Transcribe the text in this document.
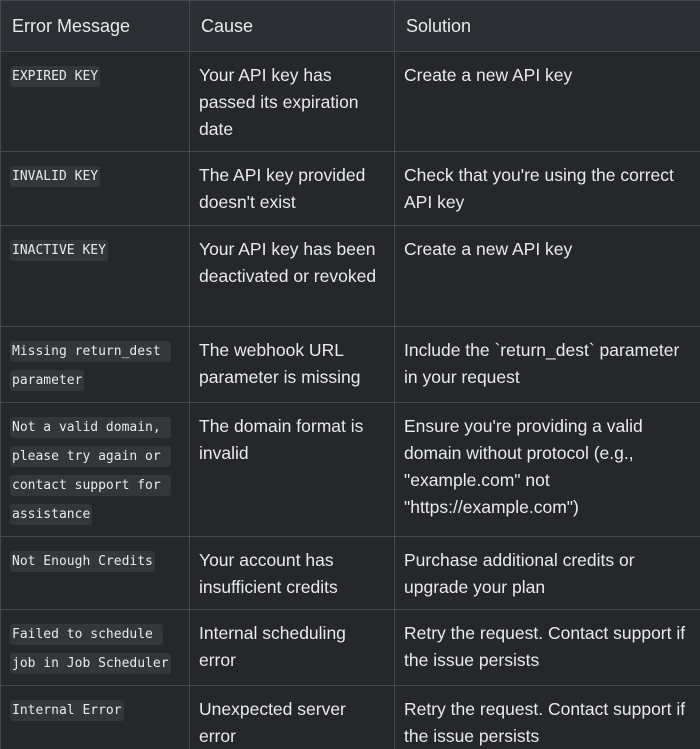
Error Message	Cause	Solution
EXPIRED KEY	Your API key has passed its expiration date	Create a new API key
INVALID KEY	The API key provided doesn't exist	Check that you're using the correct API key
INACTIVE KEY	Your API key has been deactivated or revoked	Create a new API key
Missing return_dest parameter	The webhook URL parameter is missing	Include the `return_dest` parameter in your request
Not a valid domain, please try again or contact support for assistance	The domain format is invalid	Ensure you're providing a valid domain without protocol (e.g., "example.com" not "https://example.com")
Not Enough Credits	Your account has insufficient credits	Purchase additional credits or upgrade your plan
Failed to schedule job in Job Scheduler	Internal scheduling error	Retry the request. Contact support if the issue persists
Internal Error	Unexpected server error	Retry the request. Contact support if the issue persists
